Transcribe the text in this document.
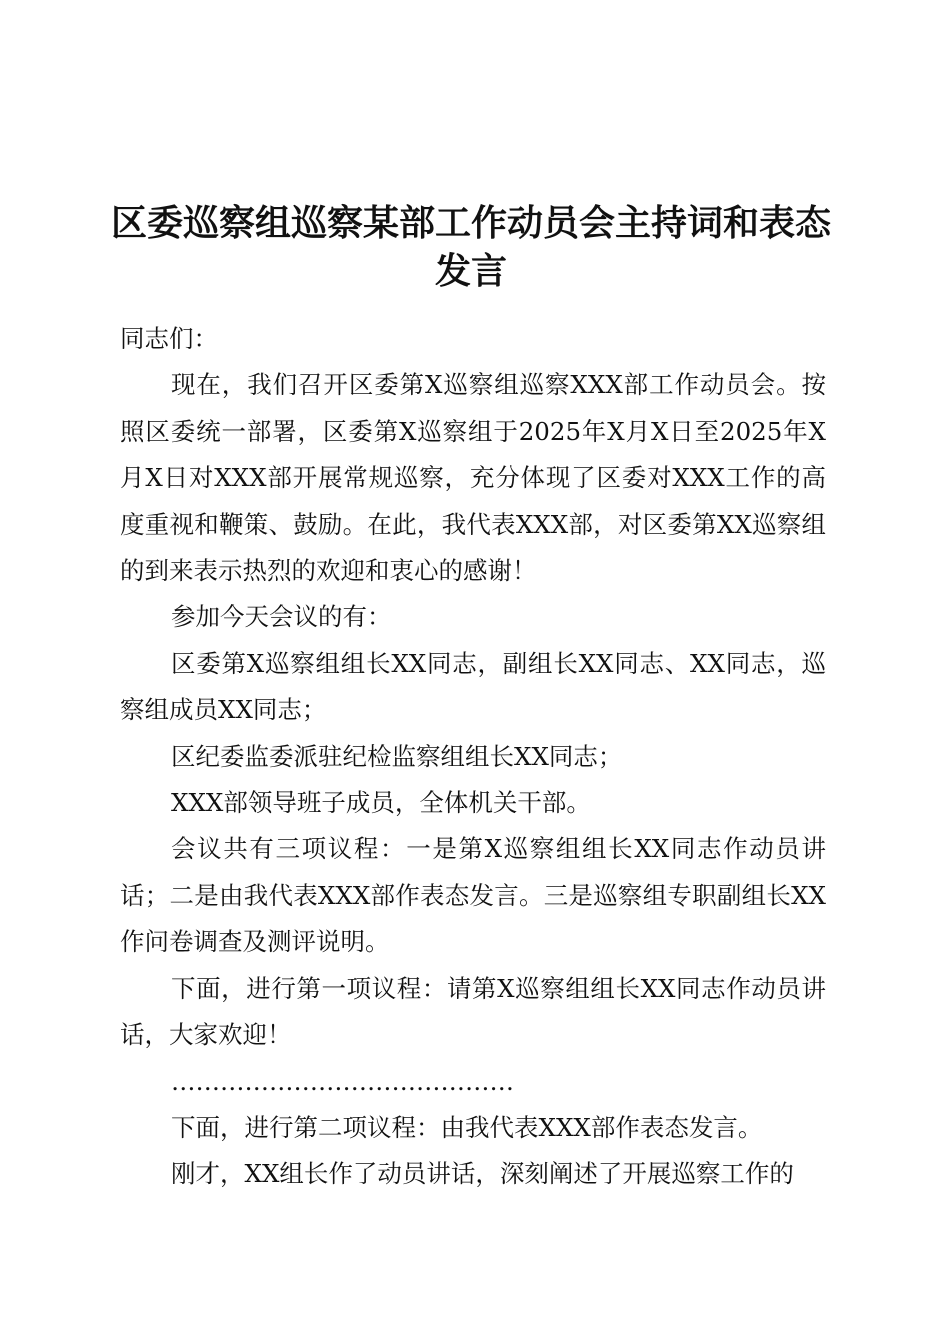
区委巡察组巡察某部工作动员会主持词和表态发言

同志们：

现在，我们召开区委第X巡察组巡察XXX部工作动员会。按照区委统一部署，区委第X巡察组于2025年X月X日至2025年X月X日对XXX部开展常规巡察，充分体现了区委对XXX工作的高度重视和鞭策、鼓励。在此，我代表XXX部，对区委第XX巡察组的到来表示热烈的欢迎和衷心的感谢！

参加今天会议的有：

区委第X巡察组组长XX同志，副组长XX同志、XX同志，巡察组成员XX同志；

区纪委监委派驻纪检监察组组长XX同志；

XXX部领导班子成员，全体机关干部。

会议共有三项议程：一是第X巡察组组长XX同志作动员讲话；二是由我代表XXX部作表态发言。三是巡察组专职副组长XX作问卷调查及测评说明。

下面，进行第一项议程：请第X巡察组组长XX同志作动员讲话，大家欢迎！

……………………………………

下面，进行第二项议程：由我代表XXX部作表态发言。

刚才，XX组长作了动员讲话，深刻阐述了开展巡察工作的
